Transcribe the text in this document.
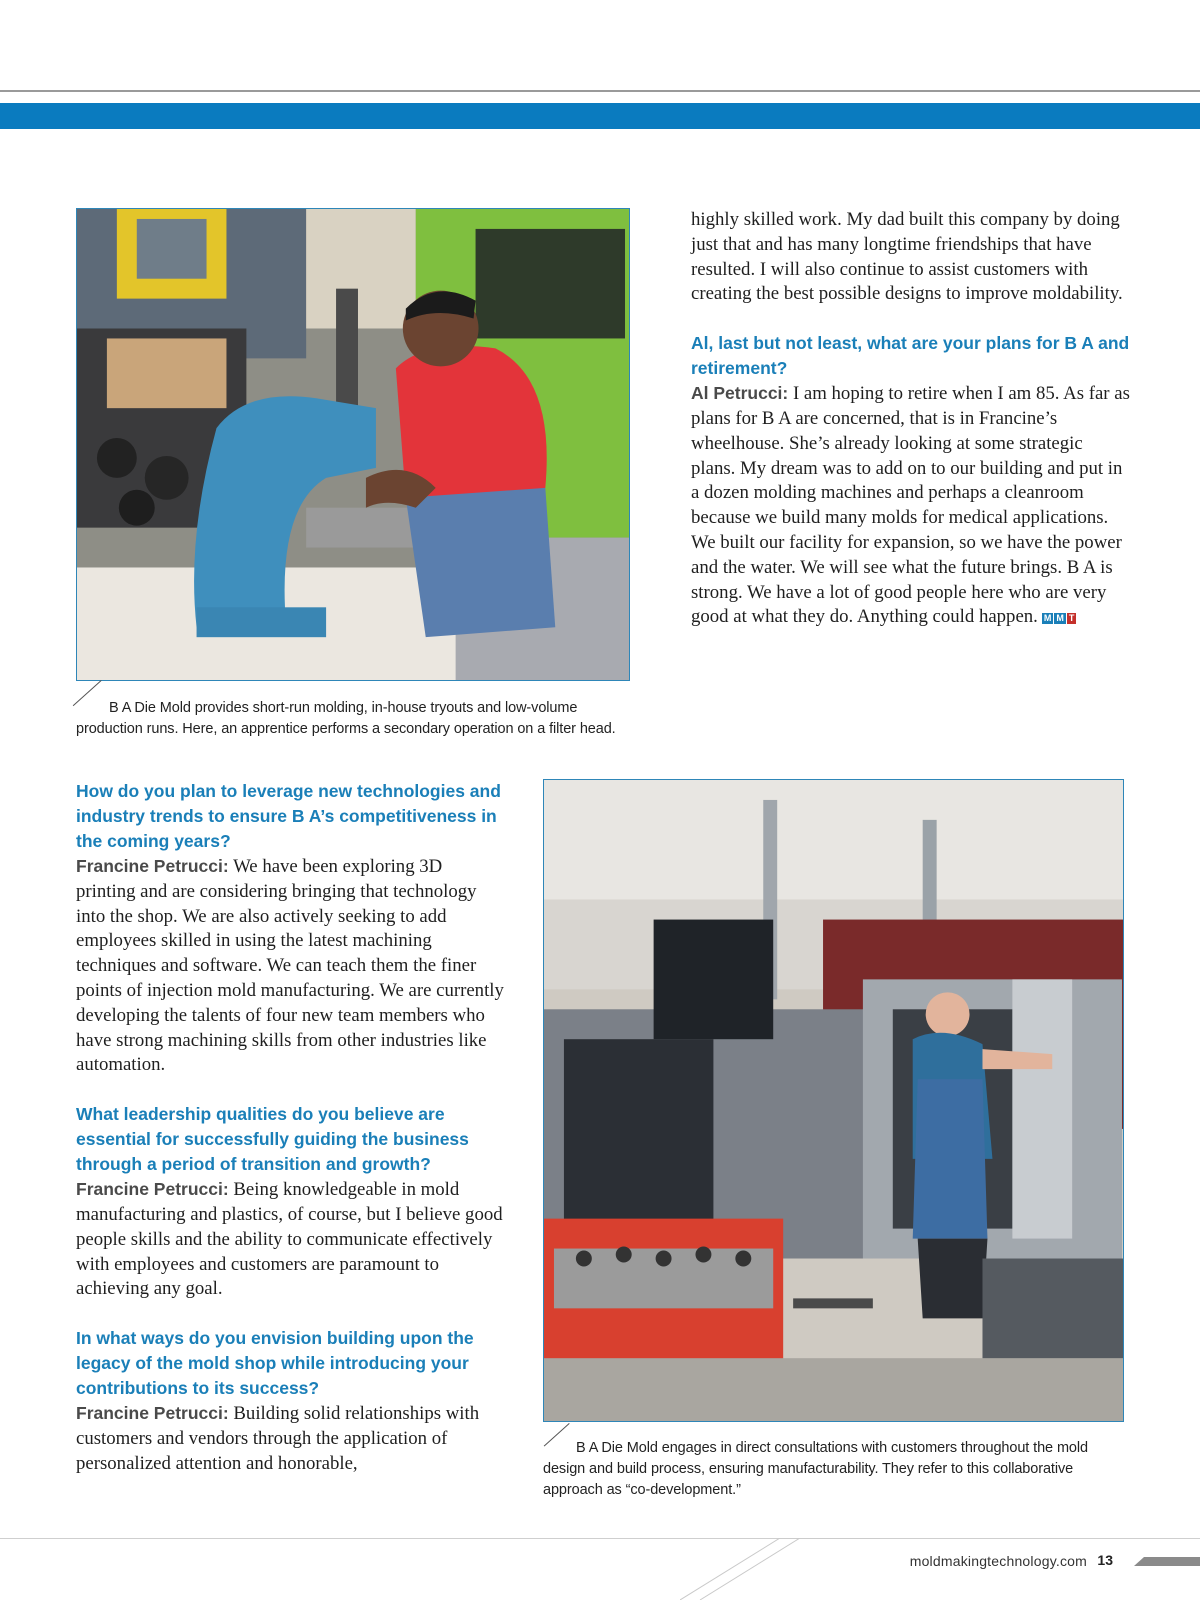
B A Die Mold provides short-run molding, in-house tryouts and low-volume production runs. Here, an apprentice performs a secondary operation on a filter head.

highly skilled work. My dad built this company by doing just that and has many longtime friendships that have resulted. I will also continue to assist customers with creating the best possible designs to improve moldability.

Al, last but not least, what are your plans for B A and retirement?

Al Petrucci: I am hoping to retire when I am 85. As far as plans for B A are concerned, that is in Francine’s wheelhouse. She’s already looking at some strategic plans. My dream was to add on to our building and put in a dozen molding machines and perhaps a cleanroom because we build many molds for medical applications. We built our facility for expansion, so we have the power and the water. We will see what the future brings. B A is strong. We have a lot of good people here who are very good at what they do. Anything could happen. M M T

How do you plan to leverage new technologies and industry trends to ensure B A’s competitiveness in the coming years?

Francine Petrucci: We have been exploring 3D printing and are considering bringing that technology into the shop. We are also actively seeking to add employees skilled in using the latest machining techniques and software. We can teach them the finer points of injection mold manufacturing. We are currently developing the talents of four new team members who have strong machining skills from other industries like automation.

What leadership qualities do you believe are essential for successfully guiding the business through a period of transition and growth?

Francine Petrucci: Being knowledgeable in mold manufacturing and plastics, of course, but I believe good people skills and the ability to communicate effectively with employees and customers are paramount to achieving any goal.

In what ways do you envision building upon the legacy of the mold shop while introducing your contributions to its success?

Francine Petrucci: Building solid relationships with customers and vendors through the application of personalized attention and honorable,

B A Die Mold engages in direct consultations with customers throughout the mold design and build process, ensuring manufacturability. They refer to this collaborative approach as “co-development.”
moldmakingtechnology.com 13
